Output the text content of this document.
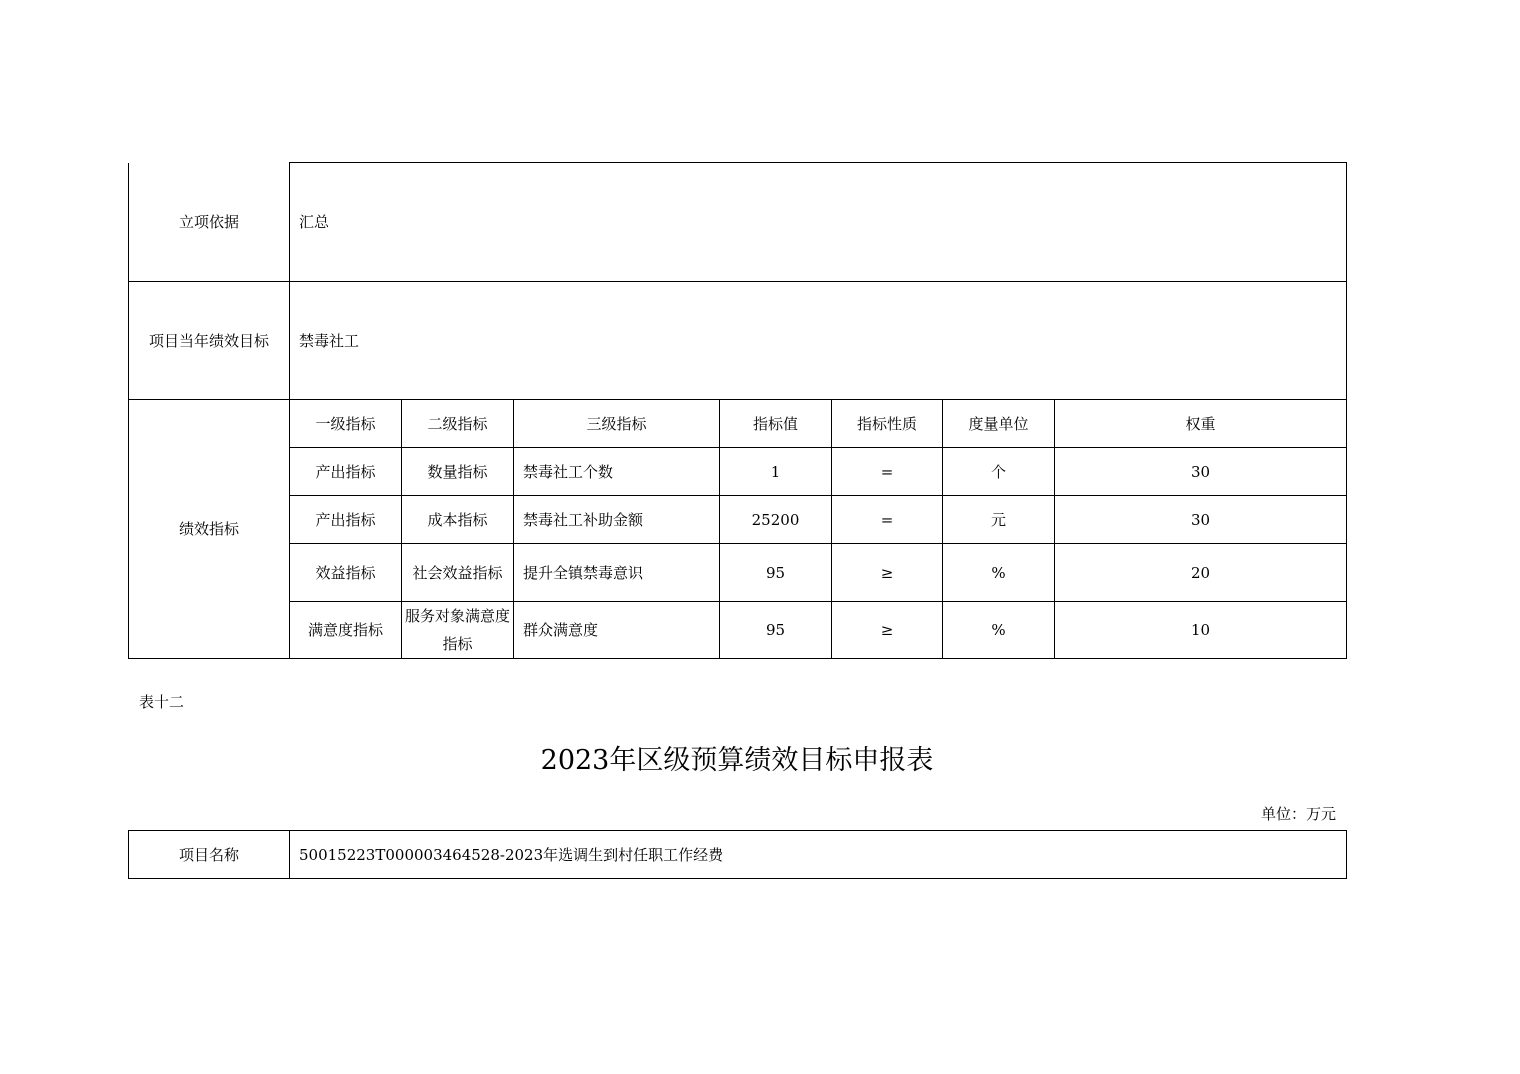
立项依据	汇总						
项目当年绩效目标	禁毒社工						
绩效指标	一级指标	二级指标	三级指标	指标值	指标性质	度量单位	权重
	产出指标	数量指标	禁毒社工个数	1	=	个	30
	产出指标	成本指标	禁毒社工补助金额	25200	=	元	30
	效益指标	社会效益指标	提升全镇禁毒意识	95	≥	%	20
	满意度指标	服务对象满意度指标	群众满意度	95	≥	%	10
表十二
2023年区级预算绩效目标申报表
单位：万元
项目名称	50015223T000003464528-2023年选调生到村任职工作经费
